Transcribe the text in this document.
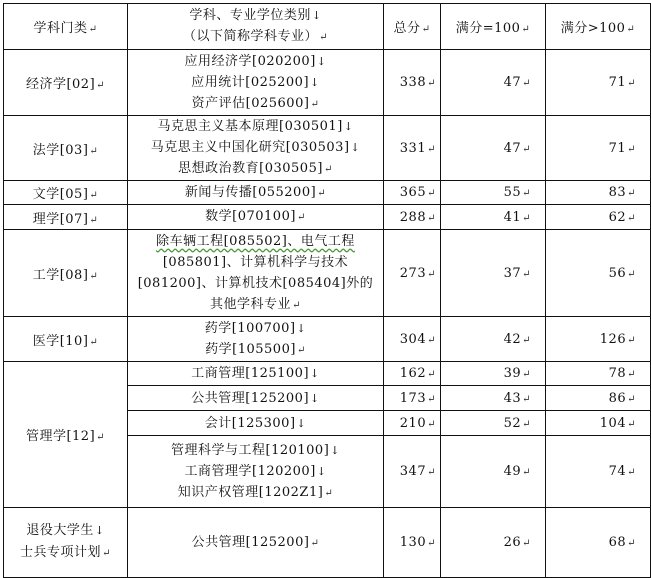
学科门类 ↵	学科、专业学位类别 ↓
（以下简称学科专业） ↵	总分 ↵	满分=100 ↵	满分>100 ↵
经济学[02] ↵	应用经济学[020200] ↓
应用统计[025200] ↓
资产评估[025600] ↵	338 ↵	47 ↵	71 ↵
法学[03] ↵	马克思主义基本原理[030501] ↓
马克思主义中国化研究[030503] ↓
思想政治教育[030505] ↵	331 ↵	47 ↵	71 ↵
文学[05] ↵	新闻与传播[055200] ↵	365 ↵	55 ↵	83 ↵
理学[07] ↵	数学[070100] ↵	288 ↵	41 ↵	62 ↵
工学[08] ↵	除车辆工程[085502]、电气工程
[085801]、计算机科学与技术
[081200]、计算机技术[085404]外的
其他学科专业 ↵	273 ↵	37 ↵	56 ↵
医学[10] ↵	药学[100700] ↓
药学[105500] ↵	304 ↵	42 ↵	126 ↵
管理学[12] ↵	工商管理[125100] ↓	162 ↵	39 ↵	78 ↵

	公共管理[125200] ↓	173 ↵	43 ↵	86 ↵

	会计[125300] ↓	210 ↵	52 ↵	104 ↵

	管理科学与工程[120100] ↓
工商管理学[120200] ↓
知识产权管理[1202Z1] ↵	347 ↵	49 ↵	74 ↵

退役大学生 ↓
士兵专项计划 ↵	公共管理[125200] ↵	130 ↵	26 ↵	68 ↵
